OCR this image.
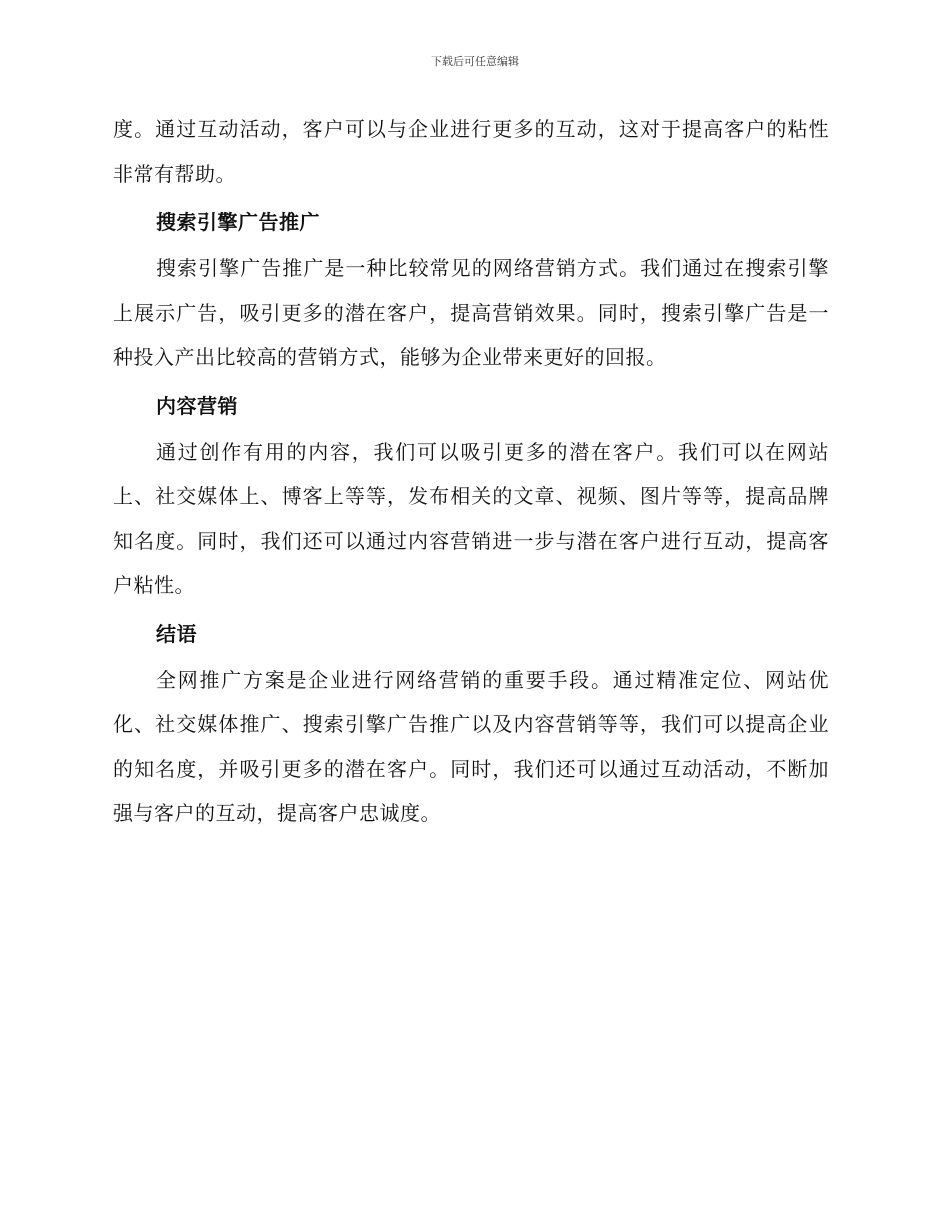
下载后可任意编辑

度。通过互动活动，客户可以与企业进行更多的互动，这对于提高客户的粘性非常有帮助。

搜索引擎广告推广

搜索引擎广告推广是一种比较常见的网络营销方式。我们通过在搜索引擎上展示广告，吸引更多的潜在客户，提高营销效果。同时，搜索引擎广告是一种投入产出比较高的营销方式，能够为企业带来更好的回报。

内容营销

通过创作有用的内容，我们可以吸引更多的潜在客户。我们可以在网站上、社交媒体上、博客上等等，发布相关的文章、视频、图片等等，提高品牌知名度。同时，我们还可以通过内容营销进一步与潜在客户进行互动，提高客户粘性。

结语

全网推广方案是企业进行网络营销的重要手段。通过精准定位、网站优化、社交媒体推广、搜索引擎广告推广以及内容营销等等，我们可以提高企业的知名度，并吸引更多的潜在客户。同时，我们还可以通过互动活动，不断加强与客户的互动，提高客户忠诚度。
